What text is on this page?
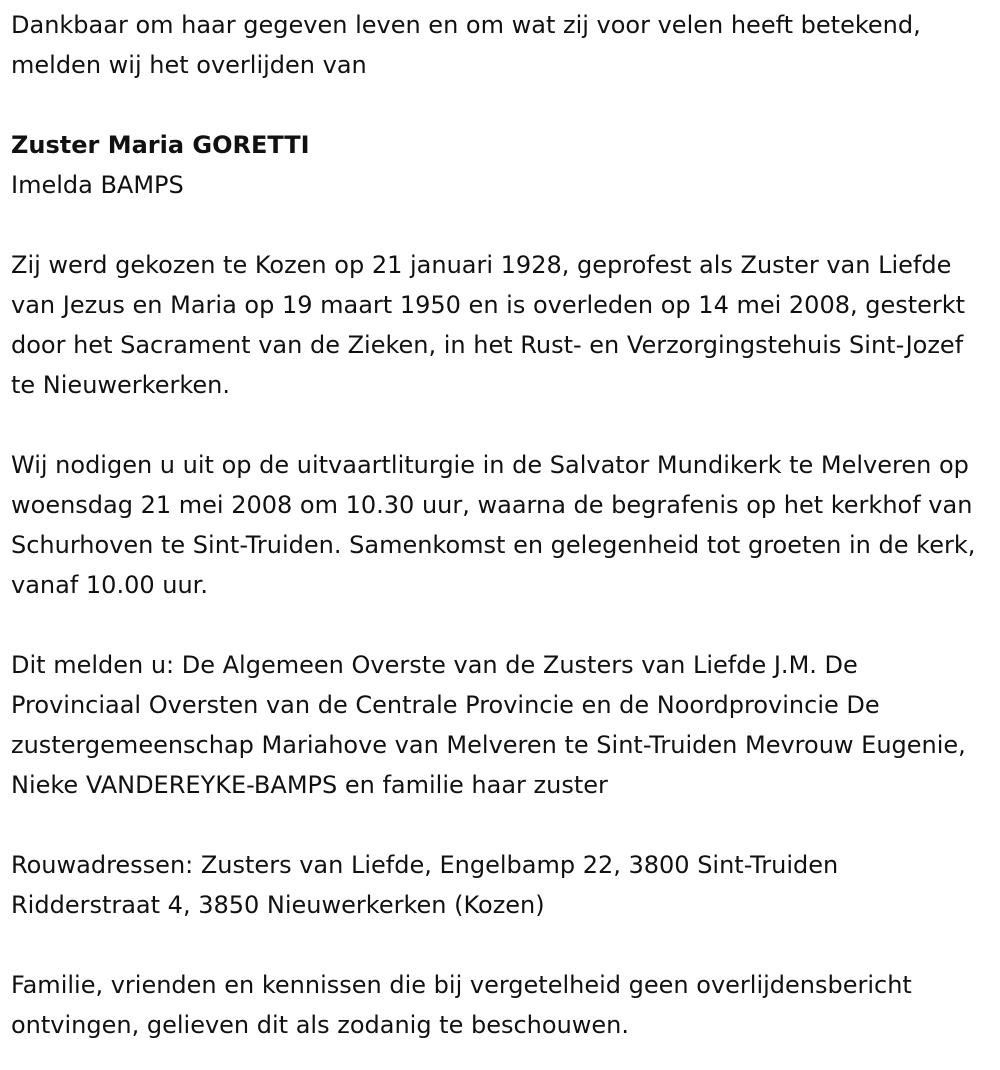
Dankbaar om haar gegeven leven en om wat zij voor velen heeft betekend, melden wij het overlijden van

Zuster Maria GORETTI
Imelda BAMPS

Zij werd gekozen te Kozen op 21 januari 1928, geprofest als Zuster van Liefde van Jezus en Maria op 19 maart 1950 en is overleden op 14 mei 2008, gesterkt door het Sacrament van de Zieken, in het Rust- en Verzorgingstehuis Sint-Jozef te Nieuwerkerken.

Wij nodigen u uit op de uitvaartliturgie in de Salvator Mundikerk te Melveren op woensdag 21 mei 2008 om 10.30 uur, waarna de begrafenis op het kerkhof van Schurhoven te Sint-Truiden. Samenkomst en gelegenheid tot groeten in de kerk, vanaf 10.00 uur.

Dit melden u: De Algemeen Overste van de Zusters van Liefde J.M. De Provinciaal Oversten van de Centrale Provincie en de Noordprovincie De zustergemeenschap Mariahove van Melveren te Sint-Truiden Mevrouw Eugenie, Nieke VANDEREYKE-BAMPS en familie haar zuster

Rouwadressen: Zusters van Liefde, Engelbamp 22, 3800 Sint-Truiden Ridderstraat 4, 3850 Nieuwerkerken (Kozen)

Familie, vrienden en kennissen die bij vergetelheid geen overlijdensbericht ontvingen, gelieven dit als zodanig te beschouwen.
